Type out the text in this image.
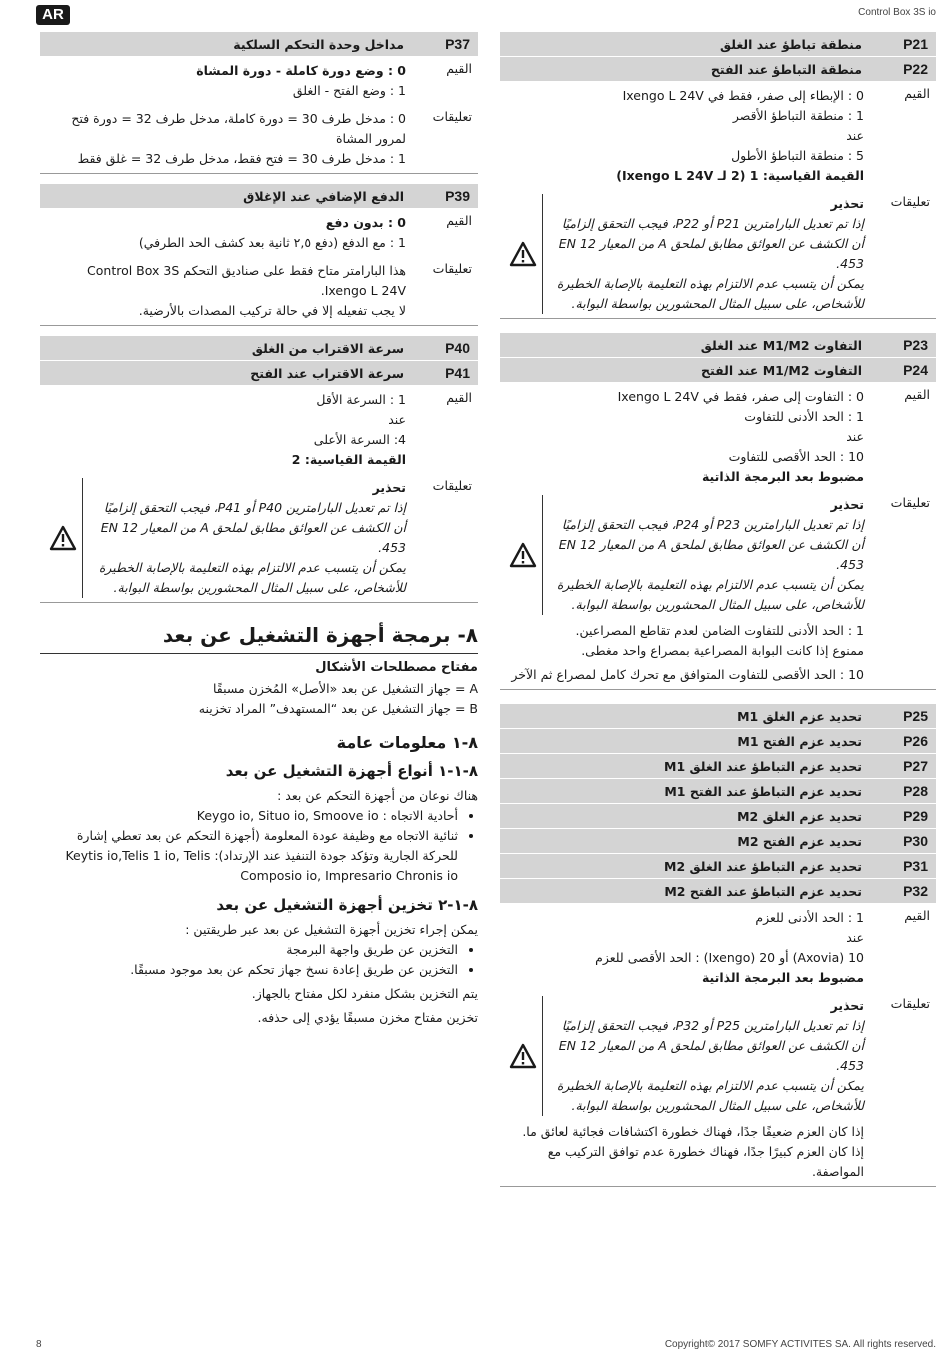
AR	Control Box 3S io
P37
مداخل وحدة التحكم السلكية
القيم
0 : وضع دورة كاملة - دورة المشاة
1 : وضع الفتح - الغلق
تعليقات
0 : مدخل طرف 30 = دورة كاملة، مدخل طرف 32 = دورة فتح لمرور المشاة
1 : مدخل طرف 30 = فتح فقط، مدخل طرف 32 = غلق فقط
P39
الدفع الإضافي عند الإغلاق
القيم
0 : بدون دفع
1 : مع الدفع (دفع ٢,٥ ثانية بعد كشف الحد الطرفي)
تعليقات
هذا البارامتر متاح فقط على صناديق التحكم Control Box 3S Ixengo L 24V.
لا يجب تفعيله إلا في حالة تركيب المصدات بالأرضية.
P40
سرعة الاقتراب من الغلق
P41
سرعة الاقتراب عند الفتح
القيم
1 : السرعة الأقل
عند
4: السرعة الأعلى
القيمة القياسية: 2
تعليقات
تحذير
إذا تم تعديل البارامترين P40 أو P41، فيجب التحقق إلزاميًا أن الكشف عن العوائق مطابق لملحق A من المعيار EN 12 453.
يمكن أن يتسبب عدم الالتزام بهذه التعليمة بالإصابة الخطيرة للأشخاص، على سبيل المثال المحشورين بواسطة البوابة.
٨- برمجة أجهزة التشغيل عن بعد
مفتاح مصطلحات الأشكال
A = جهاز التشغيل عن بعد «الأصل» المُخزن مسبقًا
B = جهاز التشغيل عن بعد “المستهدف” المراد تخزينه
٨-١ معلومات عامة
٨-١-١ أنواع أجهزة التشغيل عن بعد
هناك نوعان من أجهزة التحكم عن بعد :
• أحادية الاتجاه : Keygo io, Situo io, Smoove io
• ثنائية الاتجاه مع وظيفة عودة المعلومة (أجهزة التحكم عن بعد تعطي إشارة للحركة الجارية وتؤكد جودة التنفيذ عند الإرتداد): Keytis io,Telis 1 io, Telis Composio io, Impresario Chronis io
٨-١-٢ تخزين أجهزة التشغيل عن بعد
يمكن إجراء تخزين أجهزة التشغيل عن بعد عبر طريقتين :
• التخزين عن طريق واجهة البرمجة
• التخزين عن طريق إعادة نسخ جهاز تحكم عن بعد موجود مسبقًا.
يتم التخزين بشكل منفرد لكل مفتاح بالجهاز.
تخزين مفتاح مخزن مسبقًا يؤدي إلى حذفه.
P21
منطقة تباطؤ عند الغلق
P22
منطقة التباطؤ عند الفتح
القيم
0 : الإبطاء إلى صفر، فقط في Ixengo L 24V
1 : منطقة التباطؤ الأقصر
عند
5 : منطقة التباطؤ الأطول
القيمة القياسية: 1 (2 لـ Ixengo L 24V)
تعليقات
تحذير
إذا تم تعديل البارامترين P21 أو P22، فيجب التحقق إلزاميًا أن الكشف عن العوائق مطابق لملحق A من المعيار EN 12 453.
يمكن أن يتسبب عدم الالتزام بهذه التعليمة بالإصابة الخطيرة للأشخاص، على سبيل المثال المحشورين بواسطة البوابة.
P23
التفاوت M1/M2 عند الغلق
P24
التفاوت M1/M2 عند الفتح
القيم
0 : التفاوت إلى صفر، فقط في Ixengo L 24V
1 : الحد الأدنى للتفاوت
عند
10 : الحد الأقصى للتفاوت
مضبوط بعد البرمجة الذاتية
تعليقات
تحذير
إذا تم تعديل البارامترين P23 أو P24، فيجب التحقق إلزاميًا أن الكشف عن العوائق مطابق لملحق A من المعيار EN 12 453.
يمكن أن يتسبب عدم الالتزام بهذه التعليمة بالإصابة الخطيرة للأشخاص، على سبيل المثال المحشورين بواسطة البوابة.
1 : الحد الأدنى للتفاوت الضامن لعدم تقاطع المصراعين.
ممنوع إذا كانت البوابة المصراعية بمصراع واحد مغطى.
10 : الحد الأقصى للتفاوت المتوافق مع تحرك كامل لمصراع ثم الآخر
P25
تحديد عزم الغلق M1
P26
تحديد عزم الفتح M1
P27
تحديد عزم التباطؤ عند الغلق M1
P28
تحديد عزم التباطؤ عند الفتح M1
P29
تحديد عزم الغلق M2
P30
تحديد عزم الفتح M2
P31
تحديد عزم التباطؤ عند الغلق M2
P32
تحديد عزم التباطؤ عند الفتح M2
القيم
1 : الحد الأدنى للعزم
عند
10 (Axovia) أو 20 (Ixengo) : الحد الأقصى للعزم
مضبوط بعد البرمجة الذاتية
تعليقات
تحذير
إذا تم تعديل البارامترين P25 أو P32، فيجب التحقق إلزاميًا أن الكشف عن العوائق مطابق لملحق A من المعيار EN 12 453.
يمكن أن يتسبب عدم الالتزام بهذه التعليمة بالإصابة الخطيرة للأشخاص، على سبيل المثال المحشورين بواسطة البوابة.
إذا كان العزم ضعيفًا جدًا، فهناك خطورة اكتشافات فجائية لعائق ما.
إذا كان العزم كبيرًا جدًا، فهناك خطورة عدم توافق التركيب مع المواصفة.
8	Copyright© 2017 SOMFY ACTIVITES SA. All rights reserved.
